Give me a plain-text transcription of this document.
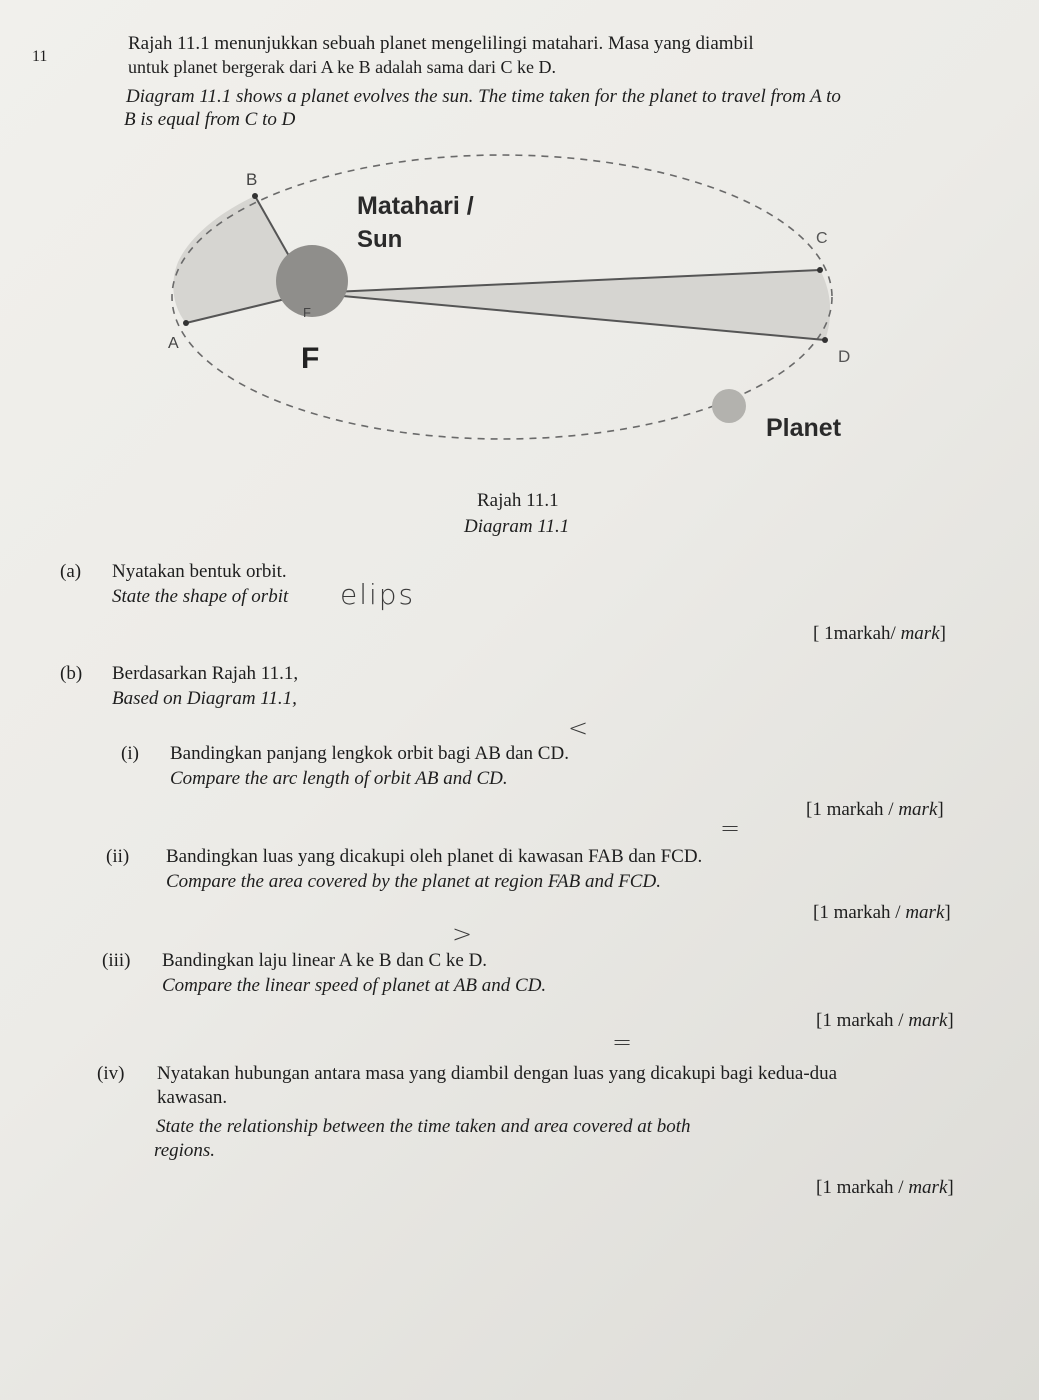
11
Rajah 11.1 menunjukkan sebuah planet mengelilingi matahari. Masa yang diambil
untuk planet bergerak dari A ke B adalah sama dari C ke D.
Diagram 11.1 shows a planet evolves the sun. The time taken for the planet to travel from A to
B is equal from C to D
B
C
A
D
Matahari /
Sun
F
F
Planet
Rajah 11.1
Diagram 11.1
(a) Nyatakan bentuk orbit.
State the shape of orbit elips
[ 1markah/ mark]
(b) Berdasarkan Rajah 11.1,
Based on Diagram 11.1,
<
(i) Bandingkan panjang lengkok orbit bagi AB dan CD.
Compare the arc length of orbit AB and CD.
[1 markah / mark]
=
(ii) Bandingkan luas yang dicakupi oleh planet di kawasan FAB dan FCD.
Compare the area covered by the planet at region FAB and FCD.
[1 markah / mark]
>
(iii) Bandingkan laju linear A ke B dan C ke D.
Compare the linear speed of planet at AB and CD.
[1 markah / mark]
=
(iv) Nyatakan hubungan antara masa yang diambil dengan luas yang dicakupi bagi kedua-dua
kawasan.
State the relationship between the time taken and area covered at both
regions.
[1 markah / mark]
